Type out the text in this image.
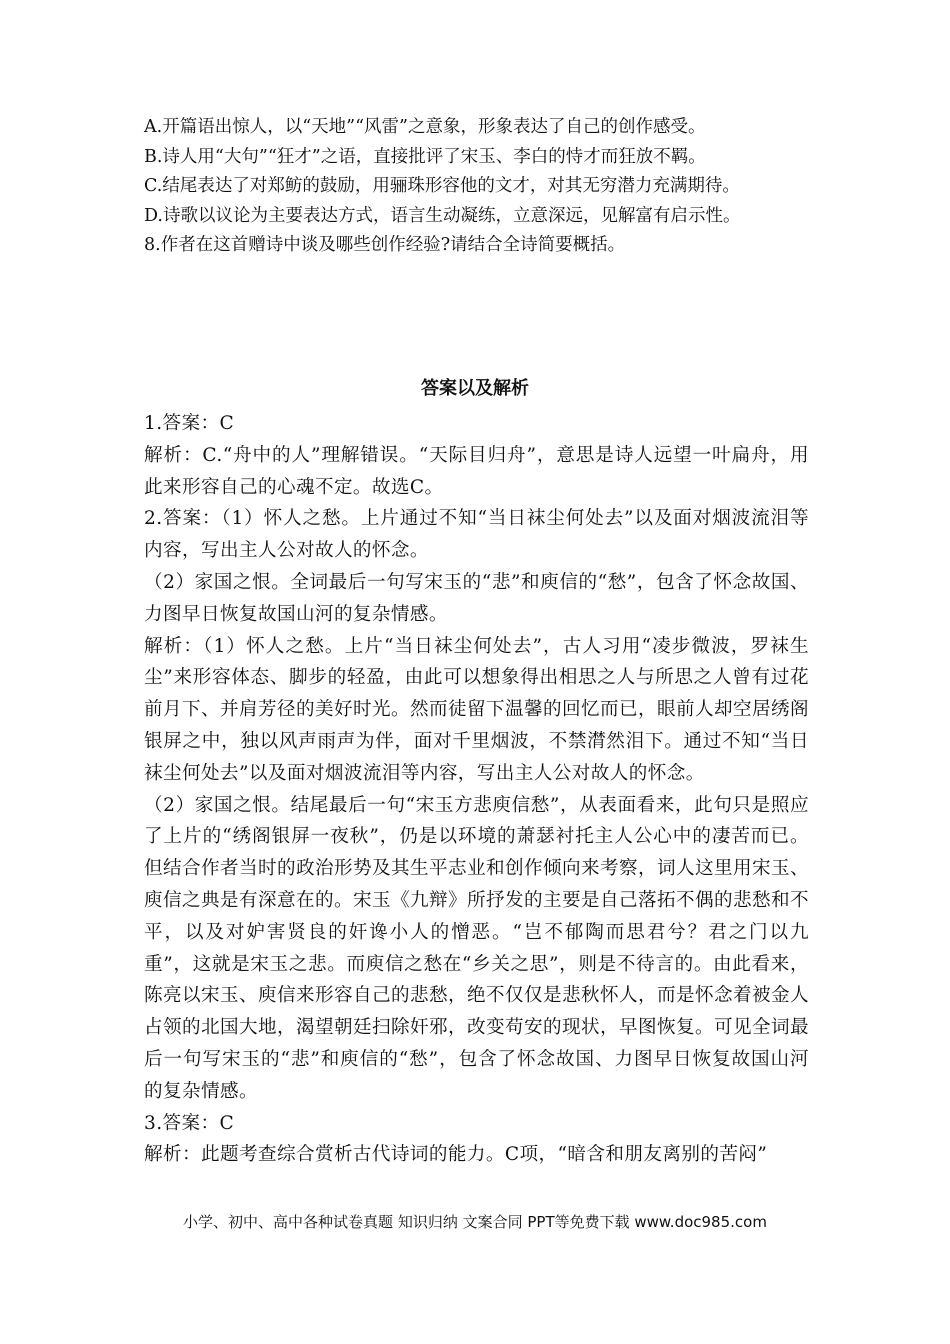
A.开篇语出惊人，以“天地”“风雷”之意象，形象表达了自己的创作感受。
B.诗人用“大句”“狂才”之语，直接批评了宋玉、李白的恃才而狂放不羁。
C.结尾表达了对郑鲂的鼓励，用骊珠形容他的文才，对其无穷潜力充满期待。
D.诗歌以议论为主要表达方式，语言生动凝练，立意深远，见解富有启示性。
8.作者在这首赠诗中谈及哪些创作经验?请结合全诗简要概括。
答案以及解析

1.答案：C

解析：C.“舟中的人”理解错误。“天际目归舟”，意思是诗人远望一叶扁舟，用此来形容自己的心魂不定。故选C。

2.答案：（1）怀人之愁。上片通过不知“当日袜尘何处去”以及面对烟波流泪等内容，写出主人公对故人的怀念。

（2）家国之恨。全词最后一句写宋玉的“悲”和庾信的“愁”，包含了怀念故国、力图早日恢复故国山河的复杂情感。

解析：（1）怀人之愁。上片“当日袜尘何处去”，古人习用“凌步微波，罗袜生尘”来形容体态、脚步的轻盈，由此可以想象得出相思之人与所思之人曾有过花前月下、并肩芳径的美好时光。然而徒留下温馨的回忆而已，眼前人却空居绣阁银屏之中，独以风声雨声为伴，面对千里烟波，不禁潸然泪下。通过不知“当日袜尘何处去”以及面对烟波流泪等内容，写出主人公对故人的怀念。

（2）家国之恨。结尾最后一句“宋玉方悲庾信愁”，从表面看来，此句只是照应了上片的“绣阁银屏一夜秋”，仍是以环境的萧瑟衬托主人公心中的凄苦而已。但结合作者当时的政治形势及其生平志业和创作倾向来考察，词人这里用宋玉、庾信之典是有深意在的。宋玉《九辩》所抒发的主要是自己落拓不偶的悲愁和不平，以及对妒害贤良的奸谗小人的憎恶。“岂不郁陶而思君兮？君之门以九重”，这就是宋玉之悲。而庾信之愁在“乡关之思”，则是不待言的。由此看来，陈亮以宋玉、庾信来形容自己的悲愁，绝不仅仅是悲秋怀人，而是怀念着被金人占领的北国大地，渴望朝廷扫除奸邪，改变苟安的现状，早图恢复。可见全词最后一句写宋玉的“悲”和庾信的“愁”，包含了怀念故国、力图早日恢复故国山河的复杂情感。

3.答案：C

解析：此题考查综合赏析古代诗词的能力。C项，“暗含和朋友离别的苦闷”

小学、初中、高中各种试卷真题 知识归纳 文案合同 PPT等免费下载 www.doc985.com
